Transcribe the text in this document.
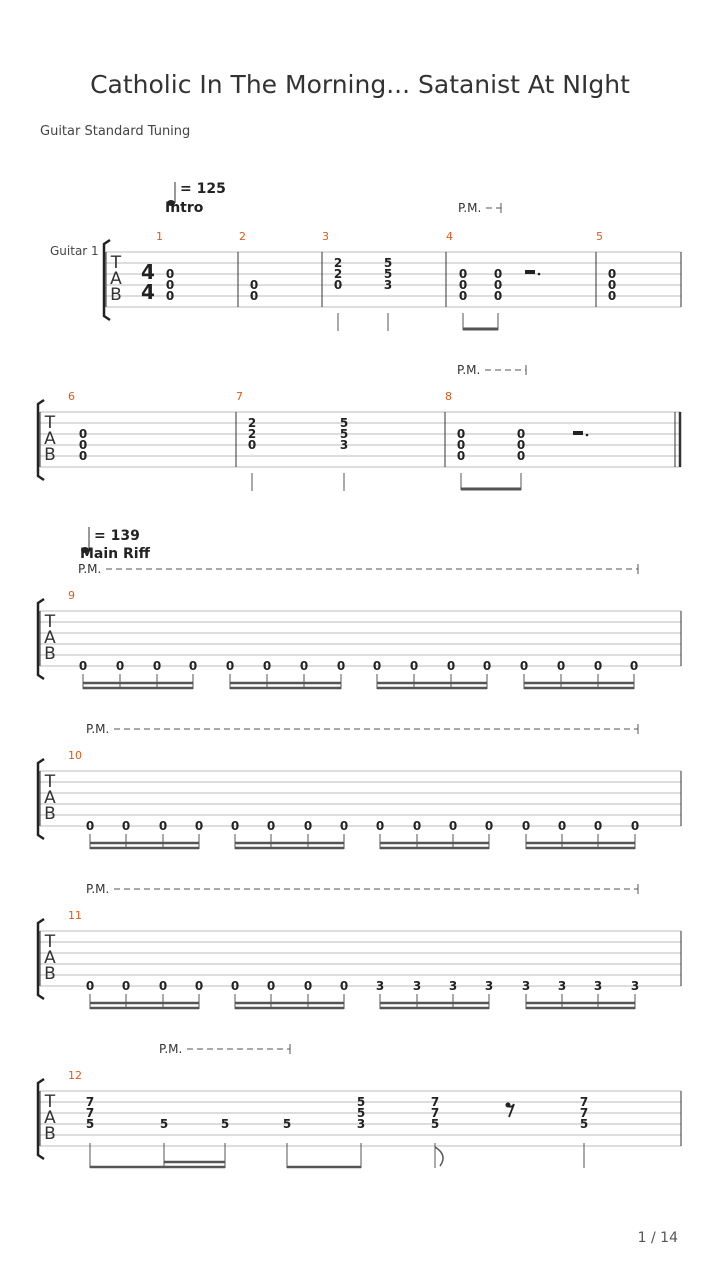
Catholic In The Morning... Satanist At NIght
Guitar Standard Tuning
1 / 14
Guitar 1
T
A
B
4
4
= 125
Intro	P.M.
1	2	3	4	5
0
0
0
0
0
2
2
0
5
5
3
0
0
0
0
0
0
0
0
0
T
A
B
P.M.
6	7	8
0
0
0
2
2
0
5
5
3
0
0
0
0
0
0
T
A
B
= 139
Main Riff
P.M.
9
0 0 0 0 0 0 0 0 0 0 0 0 0 0 0 0
T
A
B
P.M.
10
0 0 0 0 0 0 0 0 0 0 0 0 0 0 0 0
T
A
B
P.M.
11
0 0 0 0 0 0 0 0 3 3 3 3 3 3 3 3
T
A
B
P.M.
12
7
7
5	5	5	5
5
5
3
7
7
5
7
7
5
